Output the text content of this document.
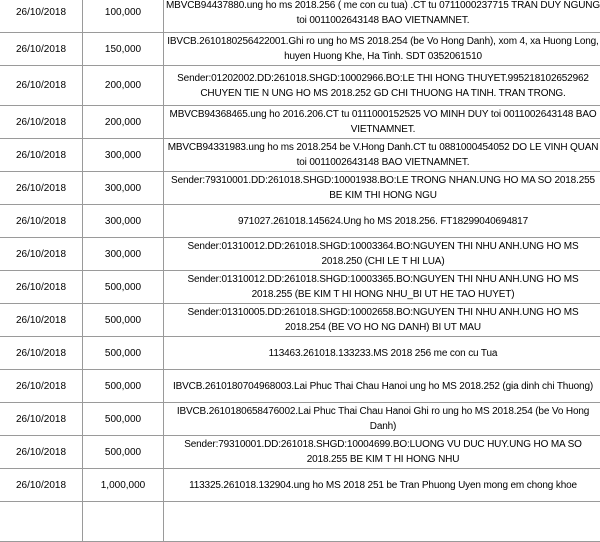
26/10/2018	100,000	MBVCB94437880.ung ho ms 2018.256 ( me con cu tua) .CT tu 0711000237715 TRAN DUY NGUNG toi 0011002643148 BAO VIETNAMNET.
26/10/2018	150,000	IBVCB.2610180256422001.Ghi ro ung ho MS 2018.254 (be Vo Hong Danh), xom 4, xa Huong Long, huyen Huong Khe, Ha Tinh. SDT 0352061510
26/10/2018	200,000	Sender:01202002.DD:261018.SHGD:10002966.BO:LE THI HONG THUYET.995218102652962 CHUYEN TIE N UNG HO MS 2018.252 GD CHI THUONG HA TINH. TRAN TRONG.
26/10/2018	200,000	MBVCB94368465.ung ho 2016.206.CT tu 0111000152525 VO MINH DUY toi 0011002643148 BAO VIETNAMNET.
26/10/2018	300,000	MBVCB94331983.ung ho ms 2018.254 be V.Hong Danh.CT tu 0881000454052 DO LE VINH QUAN toi 0011002643148 BAO VIETNAMNET.
26/10/2018	300,000	Sender:79310001.DD:261018.SHGD:10001938.BO:LE TRONG NHAN.UNG HO MA SO 2018.255 BE KIM THI HONG NGU
26/10/2018	300,000	971027.261018.145624.Ung ho MS 2018.256. FT18299040694817
26/10/2018	300,000	Sender:01310012.DD:261018.SHGD:10003364.BO:NGUYEN THI NHU ANH.UNG HO MS 2018.250 (CHI LE T HI LUA)
26/10/2018	500,000	Sender:01310012.DD:261018.SHGD:10003365.BO:NGUYEN THI NHU ANH.UNG HO MS 2018.255 (BE KIM T HI HONG NHU_BI UT HE TAO HUYET)
26/10/2018	500,000	Sender:01310005.DD:261018.SHGD:10002658.BO:NGUYEN THI NHU ANH.UNG HO MS 2018.254 (BE VO HO NG DANH) BI UT MAU
26/10/2018	500,000	113463.261018.133233.MS 2018 256 me con cu Tua
26/10/2018	500,000	IBVCB.2610180704968003.Lai Phuc Thai Chau Hanoi ung ho MS 2018.252 (gia dinh chi Thuong)
26/10/2018	500,000	IBVCB.2610180658476002.Lai Phuc Thai Chau Hanoi Ghi ro ung ho MS 2018.254 (be Vo Hong Danh)
26/10/2018	500,000	Sender:79310001.DD:261018.SHGD:10004699.BO:LUONG VU DUC HUY.UNG HO MA SO 2018.255 BE KIM T HI HONG NHU
26/10/2018	1,000,000	113325.261018.132904.ung ho MS 2018 251 be Tran Phuong Uyen mong em chong khoe
